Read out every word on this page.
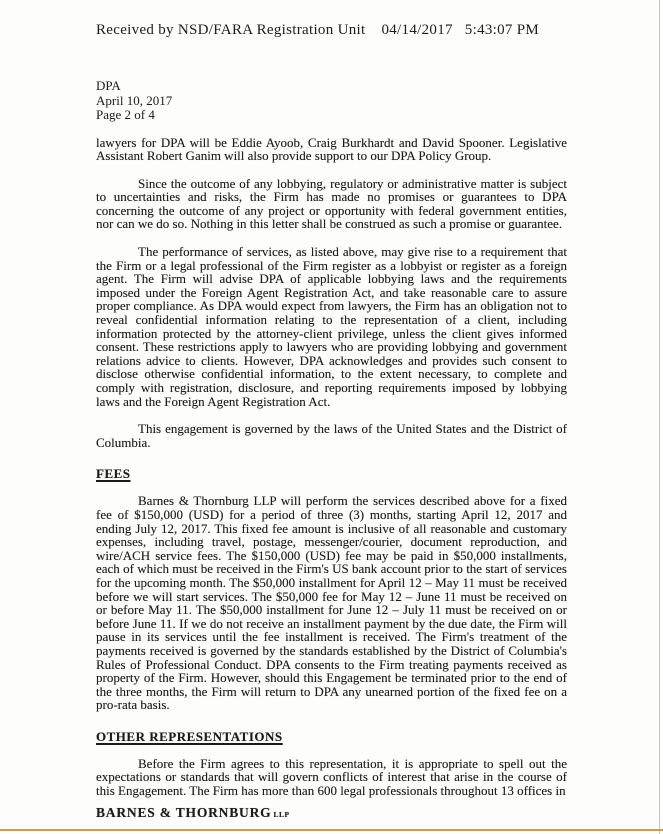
Received by NSD/FARA Registration Unit 04/14/2017 5:43:07 PM
DPA
April 10, 2017
Page 2 of 4

lawyers for DPA will be Eddie Ayoob, Craig Burkhardt and David Spooner. Legislative Assistant Robert Ganim will also provide support to our DPA Policy Group.

Since the outcome of any lobbying, regulatory or administrative matter is subject to uncertainties and risks, the Firm has made no promises or guarantees to DPA concerning the outcome of any project or opportunity with federal government entities, nor can we do so. Nothing in this letter shall be construed as such a promise or guarantee.

The performance of services, as listed above, may give rise to a requirement that the Firm or a legal professional of the Firm register as a lobbyist or register as a foreign agent. The Firm will advise DPA of applicable lobbying laws and the requirements imposed under the Foreign Agent Registration Act, and take reasonable care to assure proper compliance. As DPA would expect from lawyers, the Firm has an obligation not to reveal confidential information relating to the representation of a client, including information protected by the attorney-client privilege, unless the client gives informed consent. These restrictions apply to lawyers who are providing lobbying and government relations advice to clients. However, DPA acknowledges and provides such consent to disclose otherwise confidential information, to the extent necessary, to complete and comply with registration, disclosure, and reporting requirements imposed by lobbying laws and the Foreign Agent Registration Act.

This engagement is governed by the laws of the United States and the District of Columbia.

FEES

Barnes & Thornburg LLP will perform the services described above for a fixed fee of $150,000 (USD) for a period of three (3) months, starting April 12, 2017 and ending July 12, 2017. This fixed fee amount is inclusive of all reasonable and customary expenses, including travel, postage, messenger/courier, document reproduction, and wire/ACH service fees. The $150,000 (USD) fee may be paid in $50,000 installments, each of which must be received in the Firm's US bank account prior to the start of services for the upcoming month. The $50,000 installment for April 12 – May 11 must be received before we will start services. The $50,000 fee for May 12 – June 11 must be received on or before May 11. The $50,000 installment for June 12 – July 11 must be received on or before June 11. If we do not receive an installment payment by the due date, the Firm will pause in its services until the fee installment is received. The Firm's treatment of the payments received is governed by the standards established by the District of Columbia's Rules of Professional Conduct. DPA consents to the Firm treating payments received as property of the Firm. However, should this Engagement be terminated prior to the end of the three months, the Firm will return to DPA any unearned portion of the fixed fee on a pro-rata basis.

OTHER REPRESENTATIONS

Before the Firm agrees to this representation, it is appropriate to spell out the expectations or standards that will govern conflicts of interest that arise in the course of this Engagement. The Firm has more than 600 legal professionals throughout 13 offices in

BARNES & THORNBURG LLP
